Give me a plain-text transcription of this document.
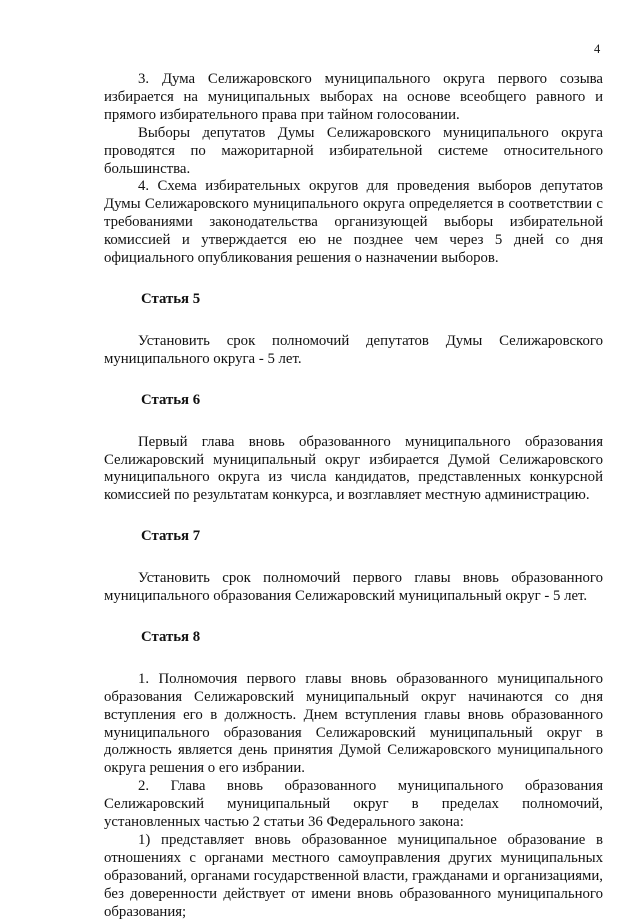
4

3. Дума Селижаровского муниципального округа первого созыва избирается на муниципальных выборах на основе всеобщего равного и прямого избирательного права при тайном голосовании.

Выборы депутатов Думы Селижаровского муниципального округа проводятся по мажоритарной избирательной системе относительного большинства.

4. Схема избирательных округов для проведения выборов депутатов Думы Селижаровского муниципального округа определяется в соответствии с требованиями законодательства организующей выборы избирательной комиссией и утверждается ею не позднее чем через 5 дней со дня официального опубликования решения о назначении выборов.

Статья 5

Установить срок полномочий депутатов Думы Селижаровского муниципального округа - 5 лет.

Статья 6

Первый глава вновь образованного муниципального образования Селижаровский муниципальный округ избирается Думой Селижаровского муниципального округа из числа кандидатов, представленных конкурсной комиссией по результатам конкурса, и возглавляет местную администрацию.

Статья 7

Установить срок полномочий первого главы вновь образованного муниципального образования Селижаровский муниципальный округ - 5 лет.

Статья 8

1. Полномочия первого главы вновь образованного муниципального образования Селижаровский муниципальный округ начинаются со дня вступления его в должность. Днем вступления главы вновь образованного муниципального образования Селижаровский муниципальный округ в должность является день принятия Думой Селижаровского муниципального округа решения о его избрании.

2. Глава вновь образованного муниципального образования Селижаровский муниципальный округ в пределах полномочий, установленных частью 2 статьи 36 Федерального закона:

1) представляет вновь образованное муниципальное образование в отношениях с органами местного самоуправления других муниципальных образований, органами государственной власти, гражданами и организациями, без доверенности действует от имени вновь образованного муниципального образования;
